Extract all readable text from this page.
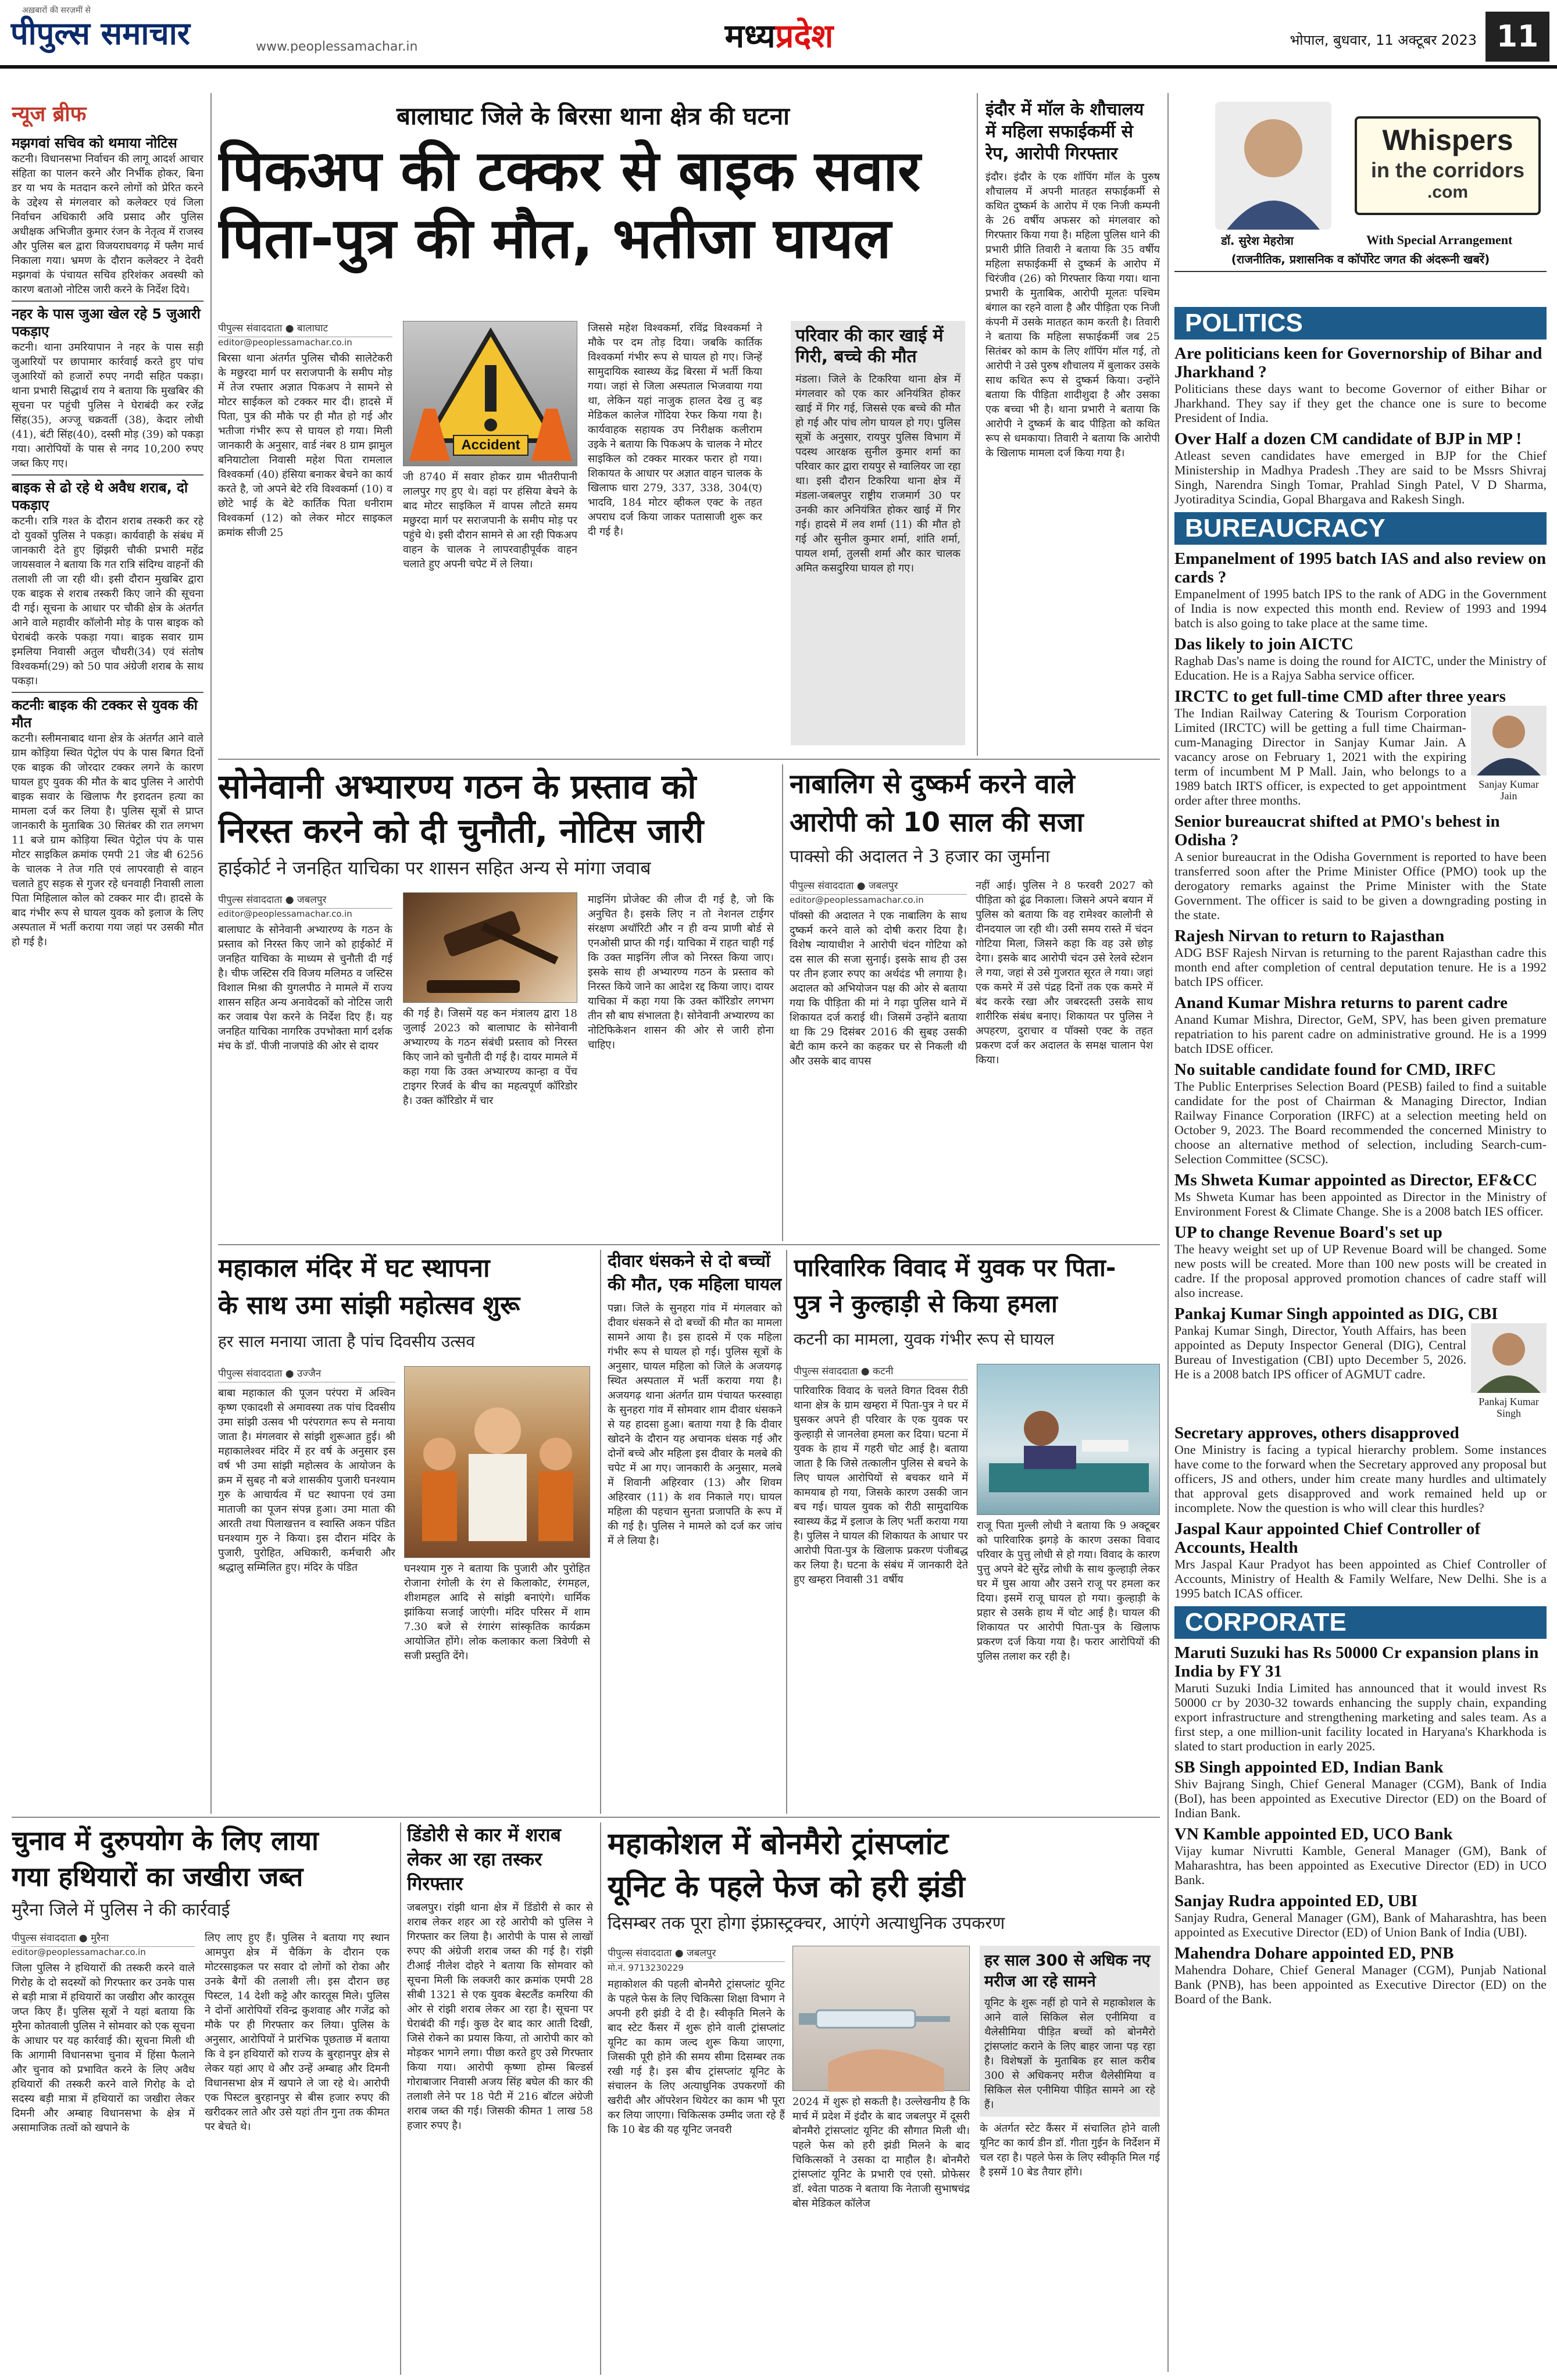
अख़बारों की सरज़मीं से
पीपुल्स समाचार	www.peoplessamachar.in	मध्यप्रदेश	भोपाल, बुधवार, 11 अक्टूबर 2023 11
न्यूज ब्रीफ
मझगवां सचिव को थमाया नोटिस
कटनी। विधानसभा निर्वाचन की लागू आदर्श आचार संहिता का पालन करने और निर्भीक होकर, बिना डर या भय के मतदान करने लोगों को प्रेरित करने के उद्देश्य से मंगलवार को कलेक्टर एवं जिला निर्वाचन अधिकारी अवि प्रसाद और पुलिस अधीक्षक अभिजीत कुमार रंजन के नेतृत्व में राजस्व और पुलिस बल द्वारा विजयराघवगढ़ में फ्लैग मार्च निकाला गया। भ्रमण के दौरान कलेक्टर ने देवरी मझगवां के पंचायत सचिव हरिशंकर अवस्थी को कारण बताओ नोटिस जारी करने के निर्देश दिये।
नहर के पास जुआ खेल रहे 5 जुआरी पकड़ाए
कटनी। थाना उमरियापान ने नहर के पास सड़ी जुआरियों पर छापामार कार्रवाई करते हुए पांच जुआरियों को हजारों रुपए नगदी सहित पकड़ा। थाना प्रभारी सिद्धार्थ राय ने बताया कि मुखबिर की सूचना पर पहुंची पुलिस ने घेराबंदी कर रजेंद्र सिंह(35), अज्जू चक्रवर्ती (38), केदार लोधी (41), बंटी सिंह(40), दस्सी मोड़ (39) को पकड़ा गया। आरोपियों के पास से नगद 10,200 रुपए जब्त किए गए।
बाइक से ढो रहे थे अवैध शराब, दो पकड़ाए
कटनी। रात्रि गश्त के दौरान शराब तस्करी कर रहे दो युवकों पुलिस ने पकड़ा। कार्यवाही के संबंध में जानकारी देते हुए झिंझरी चौकी प्रभारी महेंद्र जायसवाल ने बताया कि गत रात्रि संदिग्ध वाहनों की तलाशी ली जा रही थी। इसी दौरान मुखबिर द्वारा एक बाइक से शराब तस्करी किए जाने की सूचना दी गई। सूचना के आधार पर चौकी क्षेत्र के अंतर्गत आने वाले महावीर कॉलोनी मोड़ के पास बाइक को घेराबंदी करके पकड़ा गया। बाइक सवार ग्राम इमलिया निवासी अतुल चौधरी(34) एवं संतोष विश्वकर्मा(29) को 50 पाव अंग्रेजी शराब के साथ पकड़ा।
कटनीः बाइक की टक्कर से युवक की मौत
कटनी। स्लीमनाबाद थाना क्षेत्र के अंतर्गत आने वाले ग्राम कोड़िया स्थित पेट्रोल पंप के पास बिगत दिनों एक बाइक की जोरदार टक्कर लगने के कारण घायल हुए युवक की मौत के बाद पुलिस ने आरोपी बाइक सवार के खिलाफ गैर इरादतन हत्या का मामला दर्ज कर लिया है। पुलिस सूत्रों से प्राप्त जानकारी के मुताबिक 30 सितंबर की रात लगभग 11 बजे ग्राम कोड़िया स्थित पेट्रोल पंप के पास मोटर साइकिल क्रमांक एमपी 21 जेड बी 6256 के चालक ने तेज गति एवं लापरवाही से वाहन चलाते हुए सड़क से गुजर रहे धनवाही निवासी लाला पिता मिहिलाल कोल को टक्कर मार दी। हादसे के बाद गंभीर रूप से घायल युवक को इलाज के लिए अस्पताल में भर्ती कराया गया जहां पर उसकी मौत हो गई है।
बालाघाट जिले के बिरसा थाना क्षेत्र की घटना
पिकअप की टक्कर से बाइक सवार
पिता-पुत्र की मौत, भतीजा घायल
पीपुल्स संवाददाता ● बालाघाट
editor@peoplessamachar.co.in
बिरसा थाना अंतर्गत पुलिस चौकी सालेटेकरी के मछुरदा मार्ग पर सराजपानी के समीप मोड़ में तेज रफ्तार अज्ञात पिकअप ने सामने से मोटर साईकल को टक्कर मार दी। हादसे में पिता, पुत्र की मौके पर ही मौत हो गई और भतीजा गंभीर रूप से घायल हो गया। मिली जानकारी के अनुसार, वार्ड नंबर 8 ग्राम झामुल बनियाटोला निवासी महेश पिता रामलाल विश्वकर्मा (40) हंसिया बनाकर बेचने का कार्य करते है, जो अपने बेटे रवि विश्वकर्मा (10) व छोटे भाई के बेटे कार्तिक पिता धनीराम विश्वकर्मा (12) को लेकर मोटर साइकल क्रमांक सीजी 25
Accident
जी 8740 में सवार होकर ग्राम भीतरीपानी लालपुर गए हुए थे। वहां पर हंसिया बेचने के बाद मोटर साइकिल में वापस लौटते समय मछुरदा मार्ग पर सराजपानी के समीप मोड़ पर पहुंचे थे। इसी दौरान सामने से आ रही पिकअप वाहन के चालक ने लापरवाहीपूर्वक वाहन चलाते हुए अपनी चपेट में ले लिया।
जिससे महेश विश्वकर्मा, रविंद्र विश्वकर्मा ने मौके पर दम तोड़ दिया। जबकि कार्तिक विश्वकर्मा गंभीर रूप से घायल हो गए। जिन्हें सामुदायिक स्वास्थ्य केंद्र बिरसा में भर्ती किया गया। जहां से जिला अस्पताल भिजवाया गया था, लेकिन यहां नाजुक हालत देख तु बड़ मेडिकल कालेज गोंदिया रेफर किया गया है। कार्यवाहक सहायक उप निरीक्षक कलीराम उइके ने बताया कि पिकअप के चालक ने मोटर साइकिल को टक्कर मारकर फरार हो गया। शिकायत के आधार पर अज्ञात वाहन चालक के खिलाफ धारा 279, 337, 338, 304(ए) भादवि, 184 मोटर व्हीकल एक्ट के तहत अपराध दर्ज किया जाकर पतासाजी शुरू कर दी गई है।
परिवार की कार खाई में गिरी, बच्चे की मौत
मंडला। जिले के टिकरिया थाना क्षेत्र में मंगलवार को एक कार अनियंत्रित होकर खाई में गिर गई, जिससे एक बच्चे की मौत हो गई और पांच लोग घायल हो गए। पुलिस सूत्रों के अनुसार, रायपुर पुलिस विभाग में पदस्थ आरक्षक सुनील कुमार शर्मा का परिवार कार द्वारा रायपुर से ग्वालियर जा रहा था। इसी दौरान टिकरिया थाना क्षेत्र में मंडला-जबलपुर राष्ट्रीय राजमार्ग 30 पर उनकी कार अनियंत्रित होकर खाई में गिर गई। हादसे में लव शर्मा (11) की मौत हो गई और सुनील कुमार शर्मा, शांति शर्मा, पायल शर्मा, तुलसी शर्मा और कार चालक अमित कसदुरिया घायल हो गए।
इंदौर में मॉल के शौचालय में महिला सफाईकर्मी से रेप, आरोपी गिरफ्तार
इंदौर। इंदौर के एक शॉपिंग मॉल के पुरुष शौचालय में अपनी मातहत सफाईकर्मी से कथित दुष्कर्म के आरोप में एक निजी कम्पनी के 26 वर्षीय अफसर को मंगलवार को गिरफ्तार किया गया है। महिला पुलिस थाने की प्रभारी प्रीति तिवारी ने बताया कि 35 वर्षीय महिला सफाईकर्मी से दुष्कर्म के आरोप में चिरंजीव (26) को गिरफ्तार किया गया। थाना प्रभारी के मुताबिक, आरोपी मूलतः पश्चिम बंगाल का रहने वाला है और पीड़िता एक निजी कंपनी में उसके मातहत काम करती है। तिवारी ने बताया कि महिला सफाईकर्मी जब 25 सितंबर को काम के लिए शॉपिंग मॉल गई, तो आरोपी ने उसे पुरुष शौचालय में बुलाकर उसके साथ कथित रूप से दुष्कर्म किया। उन्होंने बताया कि पीड़िता शादीशुदा है और उसका एक बच्चा भी है। थाना प्रभारी ने बताया कि आरोपी ने दुष्कर्म के बाद पीड़िता को कथित रूप से धमकाया। तिवारी ने बताया कि आरोपी के खिलाफ मामला दर्ज किया गया है।
Whispers
in the corridors
.com
डॉ. सुरेश मेहरोत्रा	With Special Arrangement
(राजनीतिक, प्रशासनिक व कॉर्पोरेट जगत की अंदरूनी खबरें)
POLITICS
Are politicians keen for Governorship of Bihar and Jharkhand ?

Politicians these days want to become Governor of either Bihar or Jharkhand. They say if they get the chance one is sure to become President of India.

Over Half a dozen CM candidate of BJP in MP !

Atleast seven candidates have emerged in BJP for the Chief Ministership in Madhya Pradesh .They are said to be Mssrs Shivraj Singh, Narendra Singh Tomar, Prahlad Singh Patel, V D Sharma, Jyotiraditya Scindia, Gopal Bhargava and Rakesh Singh.

BUREAUCRACY
Empanelment of 1995 batch IAS and also review on cards ?

Empanelment of 1995 batch IPS to the rank of ADG in the Government of India is now expected this month end. Review of 1993 and 1994 batch is also going to take place at the same time.

Das likely to join AICTC

Raghab Das's name is doing the round for AICTC, under the Ministry of Education. He is a Rajya Sabha service officer.

IRCTC to get full-time CMD after three years
Sanjay Kumar Jain

The Indian Railway Catering & Tourism Corporation Limited (IRCTC) will be getting a full time Chairman-cum-Managing Director in Sanjay Kumar Jain. A vacancy arose on February 1, 2021 with the expiring term of incumbent M P Mall. Jain, who belongs to a 1989 batch IRTS officer, is expected to get appointment order after three months.

Senior bureaucrat shifted at PMO's behest in Odisha ?

A senior bureaucrat in the Odisha Government is reported to have been transferred soon after the Prime Minister Office (PMO) took up the derogatory remarks against the Prime Minister with the State Government. The officer is said to be given a downgrading posting in the state.

Rajesh Nirvan to return to Rajasthan

ADG BSF Rajesh Nirvan is returning to the parent Rajasthan cadre this month end after completion of central deputation tenure. He is a 1992 batch IPS officer.

Anand Kumar Mishra returns to parent cadre

Anand Kumar Mishra, Director, GeM, SPV, has been given premature repatriation to his parent cadre on administrative ground. He is a 1999 batch IDSE officer.

No suitable candidate found for CMD, IRFC

The Public Enterprises Selection Board (PESB) failed to find a suitable candidate for the post of Chairman & Managing Director, Indian Railway Finance Corporation (IRFC) at a selection meeting held on October 9, 2023. The Board recommended the concerned Ministry to choose an alternative method of selection, including Search-cum-Selection Committee (SCSC).

Ms Shweta Kumar appointed as Director, EF&CC

Ms Shweta Kumar has been appointed as Director in the Ministry of Environment Forest & Climate Change. She is a 2008 batch IES officer.

UP to change Revenue Board's set up

The heavy weight set up of UP Revenue Board will be changed. Some new posts will be created. More than 100 new posts will be created in cadre. If the proposal approved promotion chances of cadre staff will also increase.

Pankaj Kumar Singh appointed as DIG, CBI
Pankaj Kumar Singh

Pankaj Kumar Singh, Director, Youth Affairs, has been appointed as Deputy Inspector General (DIG), Central Bureau of Investigation (CBI) upto December 5, 2026. He is a 2008 batch IPS officer of AGMUT cadre.

Secretary approves, others disapproved

One Ministry is facing a typical hierarchy problem. Some instances have come to the forward when the Secretary approved any proposal but officers, JS and others, under him create many hurdles and ultimately that approval gets disapproved and work remained held up or incomplete. Now the question is who will clear this hurdles?

Jaspal Kaur appointed Chief Controller of Accounts, Health

Mrs Jaspal Kaur Pradyot has been appointed as Chief Controller of Accounts, Ministry of Health & Family Welfare, New Delhi. She is a 1995 batch ICAS officer.

CORPORATE
Maruti Suzuki has Rs 50000 Cr expansion plans in India by FY 31

Maruti Suzuki India Limited has announced that it would invest Rs 50000 cr by 2030-32 towards enhancing the supply chain, expanding export infrastructure and strengthening marketing and sales team. As a first step, a one million-unit facility located in Haryana's Kharkhoda is slated to start production in early 2025.

SB Singh appointed ED, Indian Bank

Shiv Bajrang Singh, Chief General Manager (CGM), Bank of India (BoI), has been appointed as Executive Director (ED) on the Board of Indian Bank.

VN Kamble appointed ED, UCO Bank

Vijay kumar Nivrutti Kamble, General Manager (GM), Bank of Maharashtra, has been appointed as Executive Director (ED) in UCO Bank.

Sanjay Rudra appointed ED, UBI

Sanjay Rudra, General Manager (GM), Bank of Maharashtra, has been appointed as Executive Director (ED) of Union Bank of India (UBI).

Mahendra Dohare appointed ED, PNB

Mahendra Dohare, Chief General Manager (CGM), Punjab National Bank (PNB), has been appointed as Executive Director (ED) on the Board of the Bank.

सोनेवानी अभ्यारण्य गठन के प्रस्ताव को
निरस्त करने को दी चुनौती, नोटिस जारी
हाईकोर्ट ने जनहित याचिका पर शासन सहित अन्य से मांगा जवाब
पीपुल्स संवाददाता ● जबलपुर
editor@peoplessamachar.co.in
बालाघाट के सोनेवानी अभ्यारण्य के गठन के प्रस्ताव को निरस्त किए जाने को हाईकोर्ट में जनहित याचिका के माध्यम से चुनौती दी गई है। चीफ जस्टिस रवि विजय मलिमठ व जस्टिस विशाल मिश्रा की युगलपीठ ने मामले में राज्य शासन सहित अन्य अनावेदकों को नोटिस जारी कर जवाब पेश करने के निर्देश दिए हैं। यह जनहित याचिका नागरिक उपभोक्ता मार्ग दर्शक मंच के डॉ. पीजी नाजपांडे की ओर से दायर
की गई है। जिसमें यह कन मंत्रालय द्वारा 18 जुलाई 2023 को बालाघाट के सोनेवानी अभ्यारण्य के गठन संबंधी प्रस्ताव को निरस्त किए जाने को चुनौती दी गई है। दायर मामले में कहा गया कि उक्त अभ्यारण्य कान्हा व पेंच टाइगर रिजर्व के बीच का महत्वपूर्ण कॉरिडोर है। उक्त कॉरिडोर में चार
माइनिंग प्रोजेक्ट की लीज दी गई है, जो कि अनुचित है। इसके लिए न तो नेशनल टाईगर संरक्षण अथॉरिटी और न ही वन्य प्राणी बोर्ड से एनओसी प्राप्त की गई। याचिका में राहत चाही गई कि उक्त माइनिंग लीज को निरस्त किया जाए। इसके साथ ही अभ्यारण्य गठन के प्रस्ताव को निरस्त किये जाने का आदेश रद्द किया जाए। दायर याचिका में कहा गया कि उक्त कॉरिडोर लगभग तीन सौ बाघ संभालता है। सोनेवानी अभ्यारण्य का नोटिफिकेशन शासन की ओर से जारी होना चाहिए।
नाबालिग से दुष्कर्म करने वाले
आरोपी को 10 साल की सजा
पाक्सो की अदालत ने 3 हजार का जुर्माना
पीपुल्स संवाददाता ● जबलपुर
editor@peoplessamachar.co.in
पॉक्सो की अदालत ने एक नाबालिग के साथ दुष्कर्म करने वाले को दोषी करार दिया है। विशेष न्यायाधीश ने आरोपी चंदन गोटिया को दस साल की सजा सुनाई। इसके साथ ही उस पर तीन हजार रुपए का अर्थदंड भी लगाया है। अदालत को अभियोजन पक्ष की ओर से बताया गया कि पीड़िता की मां ने गढ़ा पुलिस थाने में शिकायत दर्ज कराई थी। जिसमें उन्होंने बताया था कि 29 दिसंबर 2016 की सुबह उसकी बेटी काम करने का कहकर घर से निकली थी और उसके बाद वापस
नहीं आई। पुलिस ने 8 फरवरी 2027 को पीड़िता को ढूंढ निकाला। जिसने अपने बयान में पुलिस को बताया कि वह रामेश्वर कालोनी से दीनदयाल जा रही थी। उसी समय रास्ते में चंदन गोटिया मिला, जिसने कहा कि वह उसे छोड़ देगा। इसके बाद आरोपी चंदन उसे रेलवे स्टेशन ले गया, जहां से उसे गुजरात सूरत ले गया। जहां एक कमरे में उसे पंद्रह दिनों तक एक कमरे में बंद करके रखा और जबरदस्ती उसके साथ शारीरिक संबंध बनाए। शिकायत पर पुलिस ने अपहरण, दुराचार व पॉक्सो एक्ट के तहत प्रकरण दर्ज कर अदालत के समक्ष चालान पेश किया।
महाकाल मंदिर में घट स्थापना
के साथ उमा सांझी महोत्सव शुरू
हर साल मनाया जाता है पांच दिवसीय उत्सव
पीपुल्स संवाददाता ● उज्जैन
बाबा महाकाल की पूजन परंपरा में अश्विन कृष्ण एकादशी से अमावस्या तक पांच दिवसीय उमा सांझी उत्सव भी परंपरागत रूप से मनाया जाता है। मंगलवार से सांझी शुरूआत हुई। श्री महाकालेश्वर मंदिर में हर वर्ष के अनुसार इस वर्ष भी उमा सांझी महोत्सव के आयोजन के क्रम में सुबह नौ बजे शासकीय पुजारी घनश्याम गुरु के आचार्यत्व में घट स्थापना एवं उमा माताजी का पूजन संपन्न हुआ। उमा माता की आरती तथा पिलाखत्तन व स्वास्ति अकन पंडित घनश्याम गुरु ने किया। इस दौरान मंदिर के पुजारी, पुरोहित, अधिकारी, कर्मचारी और श्रद्धालु सम्मिलित हुए। मंदिर के पंडित	घनश्याम गुरु ने बताया कि पुजारी और पुरोहित रोजाना रंगोली के रंग से किलाकोट, रंगमहल, शीशमहल आदि से सांझी बनाएंगे। धार्मिक झांकिया सजाई जाएंगी। मंदिर परिसर में शाम 7.30 बजे से रंगारंग सांस्कृतिक कार्यक्रम आयोजित होंगे। लोक कलाकार कला त्रिवेणी से सजी प्रस्तुति देंगे।
दीवार धंसकने से दो बच्चों की मौत, एक महिला घायल
पन्ना। जिले के सुनहरा गांव में मंगलवार को दीवार धंसकने से दो बच्चों की मौत का मामला सामने आया है। इस हादसे में एक महिला गंभीर रूप से घायल हो गई। पुलिस सूत्रों के अनुसार, घायल महिला को जिले के अजयगढ़ स्थित अस्पताल में भर्ती कराया गया है। अजयगढ़ थाना अंतर्गत ग्राम पंचायत फरस्वाहा के सुनहरा गांव में सोमवार शाम दीवार धंसकने से यह हादसा हुआ। बताया गया है कि दीवार खोदने के दौरान यह अचानक धंसक गई और दोनों बच्चे और महिला इस दीवार के मलबे की चपेट में आ गए। जानकारी के अनुसार, मलबे में शिवानी अहिरवार (13) और शिवम अहिरवार (11) के शव निकाले गए। घायल महिला की पहचान सुनता प्रजापति के रूप में की गई है। पुलिस ने मामले को दर्ज कर जांच में ले लिया है।
पारिवारिक विवाद में युवक पर पिता-
पुत्र ने कुल्हाड़ी से किया हमला
कटनी का मामला, युवक गंभीर रूप से घायल
पीपुल्स संवाददाता ● कटनी
पारिवारिक विवाद के चलते विगत दिवस रीठी थाना क्षेत्र के ग्राम खम्हरा में पिता-पुत्र ने घर में घुसकर अपने ही परिवार के एक युवक पर कुल्हाड़ी से जानलेवा हमला कर दिया। घटना में युवक के हाथ में गहरी चोट आई है। बताया जाता है कि जिसे तत्कालीन पुलिस से बचने के लिए घायल आरोपियों से बचकर थाने में कामयाब हो गया, जिसके कारण उसकी जान बच गई। घायल युवक को रीठी सामुदायिक स्वास्थ्य केंद्र में इलाज के लिए भर्ती कराया गया है। पुलिस ने घायल की शिकायत के आधार पर आरोपी पिता-पुत्र के खिलाफ प्रकरण पंजीबद्ध कर लिया है। घटना के संबंध में जानकारी देते हुए खम्हरा निवासी 31 वर्षीय
राजू पिता मुल्ली लोधी ने बताया कि 9 अक्टूबर को पारिवारिक झगड़े के कारण उसका विवाद परिवार के पुत्तु लोधी से हो गया। विवाद के कारण पुत्तु अपने बेटे सुरेंद्र लोधी के साथ कुल्हाड़ी लेकर घर में घुस आया और उसने राजू पर हमला कर दिया। इसमें राजू घायल हो गया। कुल्हाड़ी के प्रहार से उसके हाथ में चोट आई है। घायल की शिकायत पर आरोपी पिता-पुत्र के खिलाफ प्रकरण दर्ज किया गया है। फरार आरोपियों की पुलिस तलाश कर रही है।
चुनाव में दुरुपयोग के लिए लाया
गया हथियारों का जखीरा जब्त
मुरैना जिले में पुलिस ने की कार्रवाई
पीपुल्स संवाददाता ● मुरैना
editor@peoplessamachar.co.in
जिला पुलिस ने हथियारों की तस्करी करने वाले गिरोह के दो सदस्यों को गिरफ्तार कर उनके पास से बड़ी मात्रा में हथियारों का जखीरा और कारतूस जप्त किए हैं। पुलिस सूत्रों ने यहां बताया कि मुरैना कोतवाली पुलिस ने सोमवार को एक सूचना के आधार पर यह कार्रवाई की। सूचना मिली थी कि आगामी विधानसभा चुनाव में हिंसा फैलाने और चुनाव को प्रभावित करने के लिए अवैध हथियारों की तस्करी करने वाले गिरोह के दो सदस्य बड़ी मात्रा में हथियारों का जखीरा लेकर दिमनी और अम्बाह विधानसभा के क्षेत्र में असामाजिक तत्वों को खपाने के
लिए लाए हुए हैं। पुलिस ने बताया गए स्थान आमपुरा क्षेत्र में चैकिंग के दौरान एक मोटरसाइकल पर सवार दो लोगों को रोका और उनके बैगों की तलाशी ली। इस दौरान छह पिस्टल, 14 देशी कट्टे और कारतूस मिले। पुलिस ने दोनों आरोपियों रविन्द्र कुशवाह और गजेंद्र को मौके पर ही गिरफ्तार कर लिया। पुलिस के अनुसार, आरोपियों ने प्रारंभिक पूछताछ में बताया कि वे इन हथियारों को राज्य के बुरहानपुर क्षेत्र से लेकर यहां आए थे और उन्हें अम्बाह और दिमनी विधानसभा क्षेत्र में खपाने ले जा रहे थे। आरोपी एक पिस्टल बुरहानपुर से बीस हजार रुपए की खरीदकर लाते और उसे यहां तीन गुना तक कीमत पर बेचते थे।
डिंडोरी से कार में शराब लेकर आ रहा तस्कर गिरफ्तार
जबलपुर। रांझी थाना क्षेत्र में डिंडोरी से कार से शराब लेकर शहर आ रहे आरोपी को पुलिस ने गिरफ्तार कर लिया है। आरोपी के पास से लाखों रुपए की अंग्रेजी शराब जब्त की गई है। रांझी टीआई नीलेश दोहरे ने बताया कि सोमवार को सूचना मिली कि लक्जरी कार क्रमांक एमपी 28 सीबी 1321 से एक युवक बेस्टलैंड कमरिया की ओर से रांझी शराब लेकर आ रहा है। सूचना पर घेराबंदी की गई। कुछ देर बाद कार आती दिखी, जिसे रोकने का प्रयास किया, तो आरोपी कार को मोड़कर भागने लगा। पीछा करते हुए उसे गिरफ्तार किया गया। आरोपी कृष्णा होम्स बिल्डर्स गोराबाजार निवासी अजय सिंह बघेल की कार की तलाशी लेने पर 18 पेटी में 216 बॉटल अंग्रेजी शराब जब्त की गई। जिसकी कीमत 1 लाख 58 हजार रुपए है।
महाकोशल में बोनमैरो ट्रांसप्लांट
यूनिट के पहले फेज को हरी झंडी
दिसम्बर तक पूरा होगा इंफ्रास्ट्रक्चर, आएंगे अत्याधुनिक उपकरण
पीपुल्स संवाददाता ● जबलपुर
मो.नं. 9713230229
महाकोशल की पहली बोनमैरो ट्रांसप्लांट यूनिट के पहले फेस के लिए चिकित्सा शिक्षा विभाग ने अपनी हरी झंडी दे दी है। स्वीकृति मिलने के बाद स्टेट कैंसर में शुरू होने वाली ट्रांसप्लांट यूनिट का काम जल्द शुरू किया जाएगा, जिसकी पूरी होने की समय सीमा दिसम्बर तक रखी गई है। इस बीच ट्रांसप्लांट यूनिट के संचालन के लिए अत्याधुनिक उपकरणों की खरीदी और ऑपरेशन थियेटर का काम भी पूरा कर लिया जाएगा। चिकित्सक उम्मीद जता रहे हैं कि 10 बेड की यह यूनिट जनवरी
2024 में शुरू हो सकती है। उल्लेखनीय है कि मार्च में प्रदेश में इंदौर के बाद जबलपुर में दूसरी बोनमैरो ट्रांसप्लांट यूनिट की सौगात मिली थी। पहले फेस को हरी झंडी मिलने के बाद चिकित्सकों ने उसका दा माहौल है। बोनमैरो ट्रांसप्लांट यूनिट के प्रभारी एवं एसो. प्रोफेसर डॉ. श्वेता पाठक ने बताया कि नेताजी सुभाषचंद्र बोस मेडिकल कॉलेज
हर साल 300 से अधिक नए मरीज आ रहे सामने
यूनिट के शुरू नहीं हो पाने से महाकोशल के आने वाले सिकिल सेल एनीमिया व थैलेसीमिया पीड़ित बच्चों को बोनमैरो ट्रांसप्लांट कराने के लिए बाहर जाना पड़ रहा है। विशेषज्ञों के मुताबिक हर साल करीब 300 से अधिकनए मरीज थैलेसीमिया व सिकिल सेल एनीमिया पीड़ित सामने आ रहे हैं।
के अंतर्गत स्टेट कैंसर में संचालित होने वाली यूनिट का कार्य डीन डॉ. गीता गुईन के निर्देशन में चल रहा है। पहले फेस के लिए स्वीकृति मिल गई है इसमें 10 बेड तैयार होंगे।
